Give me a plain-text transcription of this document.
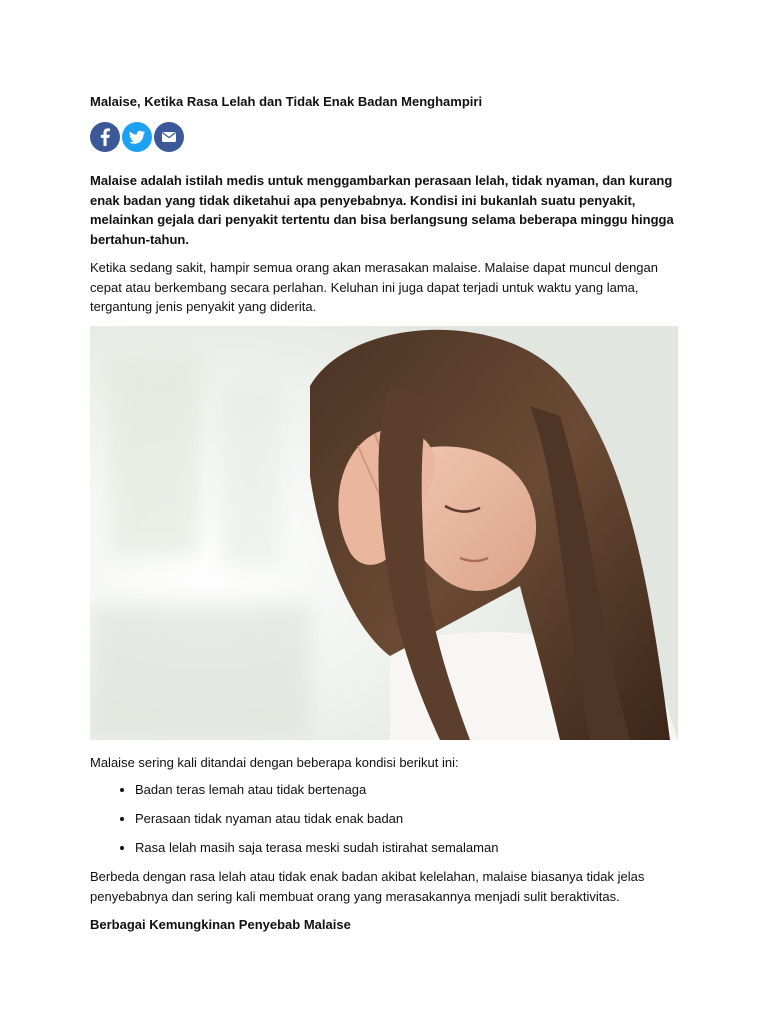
Malaise, Ketika Rasa Lelah dan Tidak Enak Badan Menghampiri

Malaise adalah istilah medis untuk menggambarkan perasaan lelah, tidak nyaman, dan kurang enak badan yang tidak diketahui apa penyebabnya. Kondisi ini bukanlah suatu penyakit, melainkan gejala dari penyakit tertentu dan bisa berlangsung selama beberapa minggu hingga bertahun-tahun.

Ketika sedang sakit, hampir semua orang akan merasakan malaise. Malaise dapat muncul dengan cepat atau berkembang secara perlahan. Keluhan ini juga dapat terjadi untuk waktu yang lama, tergantung jenis penyakit yang diderita.

Malaise sering kali ditandai dengan beberapa kondisi berikut ini:

• Badan teras lemah atau tidak bertenaga
• Perasaan tidak nyaman atau tidak enak badan
• Rasa lelah masih saja terasa meski sudah istirahat semalaman

Berbeda dengan rasa lelah atau tidak enak badan akibat kelelahan, malaise biasanya tidak jelas penyebabnya dan sering kali membuat orang yang merasakannya menjadi sulit beraktivitas.

Berbagai Kemungkinan Penyebab Malaise
